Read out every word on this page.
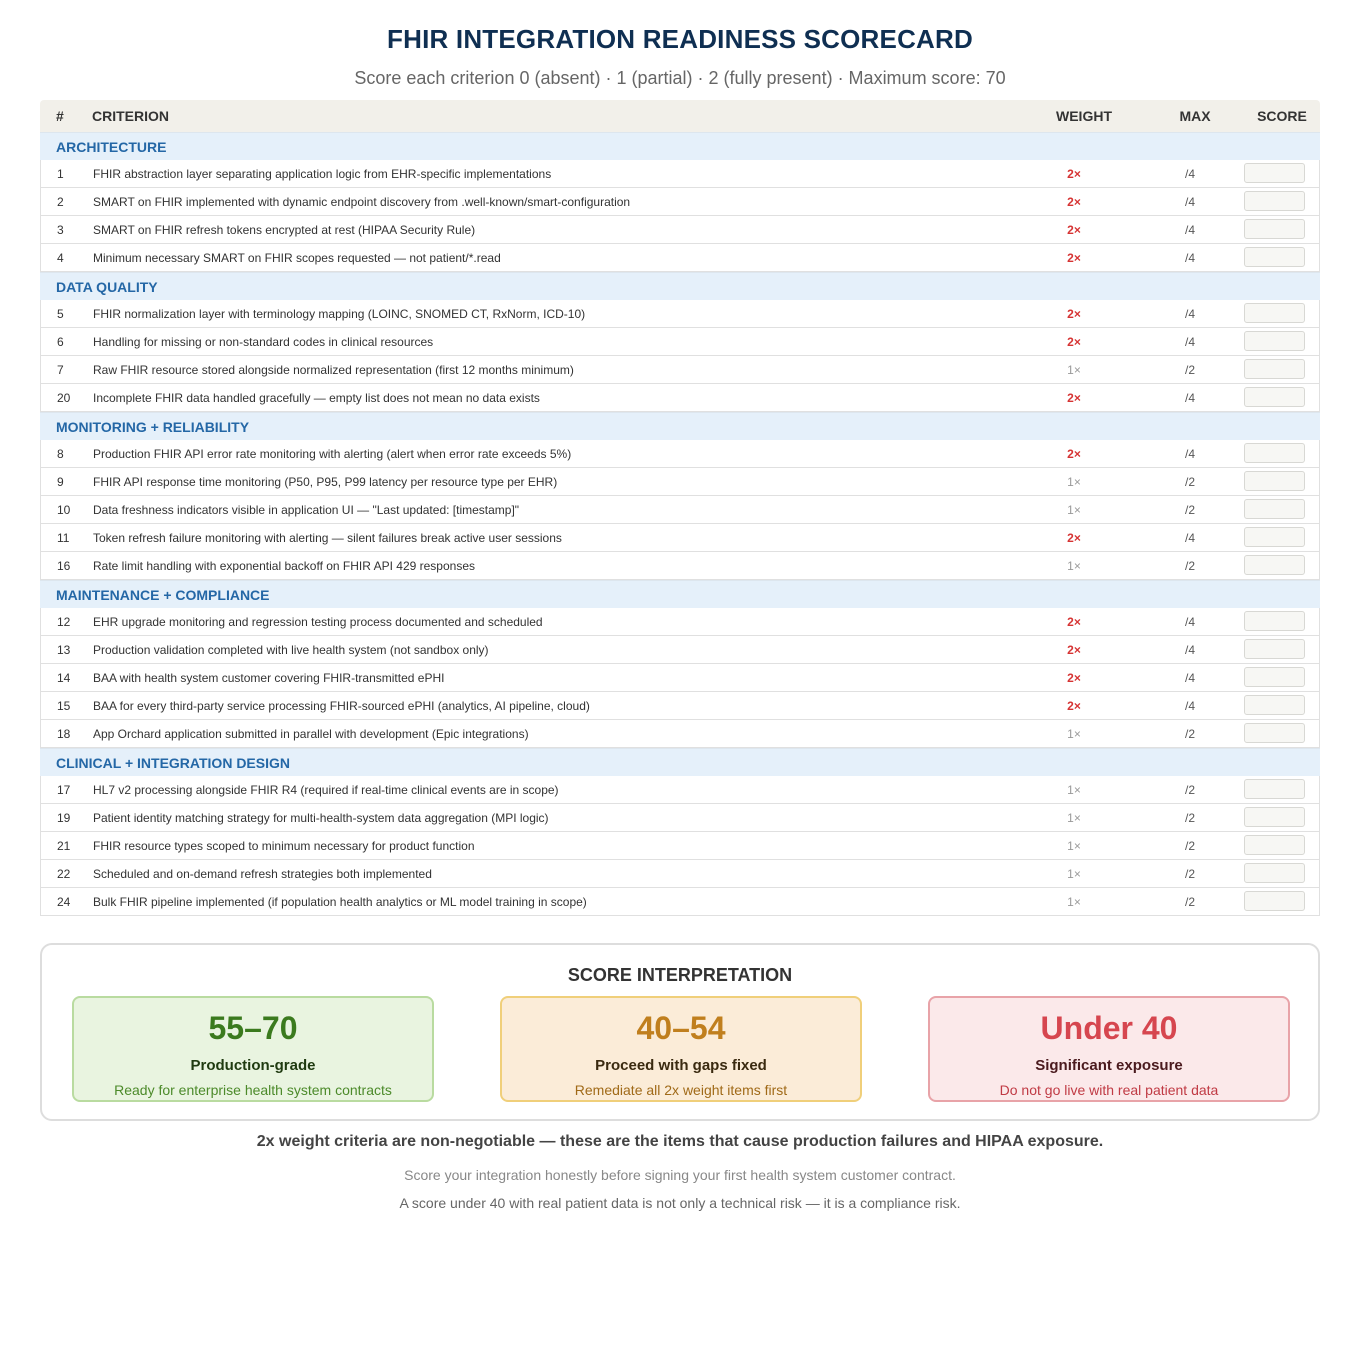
FHIR INTEGRATION READINESS SCORECARD
Score each criterion 0 (absent) · 1 (partial) · 2 (fully present) · Maximum score: 70
# CRITERION	WEIGHT	MAX	SCORE
ARCHITECTURE
1 FHIR abstraction layer separating application logic from EHR-specific implementations	2×	/4
2 SMART on FHIR implemented with dynamic endpoint discovery from .well-known/smart-configuration	2×	/4
3 SMART on FHIR refresh tokens encrypted at rest (HIPAA Security Rule)	2×	/4
4 Minimum necessary SMART on FHIR scopes requested — not patient/*.read	2×	/4
DATA QUALITY
5 FHIR normalization layer with terminology mapping (LOINC, SNOMED CT, RxNorm, ICD-10)	2×	/4
6 Handling for missing or non-standard codes in clinical resources	2×	/4
7 Raw FHIR resource stored alongside normalized representation (first 12 months minimum)	1×	/2
20 Incomplete FHIR data handled gracefully — empty list does not mean no data exists	2×	/4
MONITORING + RELIABILITY
8 Production FHIR API error rate monitoring with alerting (alert when error rate exceeds 5%)	2×	/4
9 FHIR API response time monitoring (P50, P95, P99 latency per resource type per EHR)	1×	/2
10 Data freshness indicators visible in application UI — "Last updated: [timestamp]"	1×	/2
11 Token refresh failure monitoring with alerting — silent failures break active user sessions	2×	/4
16 Rate limit handling with exponential backoff on FHIR API 429 responses	1×	/2
MAINTENANCE + COMPLIANCE
12 EHR upgrade monitoring and regression testing process documented and scheduled	2×	/4
13 Production validation completed with live health system (not sandbox only)	2×	/4
14 BAA with health system customer covering FHIR-transmitted ePHI	2×	/4
15 BAA for every third-party service processing FHIR-sourced ePHI (analytics, AI pipeline, cloud)	2×	/4
18 App Orchard application submitted in parallel with development (Epic integrations)	1×	/2
CLINICAL + INTEGRATION DESIGN
17 HL7 v2 processing alongside FHIR R4 (required if real-time clinical events are in scope)	1×	/2
19 Patient identity matching strategy for multi-health-system data aggregation (MPI logic)	1×	/2
21 FHIR resource types scoped to minimum necessary for product function	1×	/2
22 Scheduled and on-demand refresh strategies both implemented	1×	/2
24 Bulk FHIR pipeline implemented (if population health analytics or ML model training in scope)	1×	/2
SCORE INTERPRETATION
55–70
Production-grade
Ready for enterprise health system contracts
40–54
Proceed with gaps fixed
Remediate all 2x weight items first
Under 40
Significant exposure
Do not go live with real patient data
2x weight criteria are non-negotiable — these are the items that cause production failures and HIPAA exposure.
Score your integration honestly before signing your first health system customer contract.
A score under 40 with real patient data is not only a technical risk — it is a compliance risk.
